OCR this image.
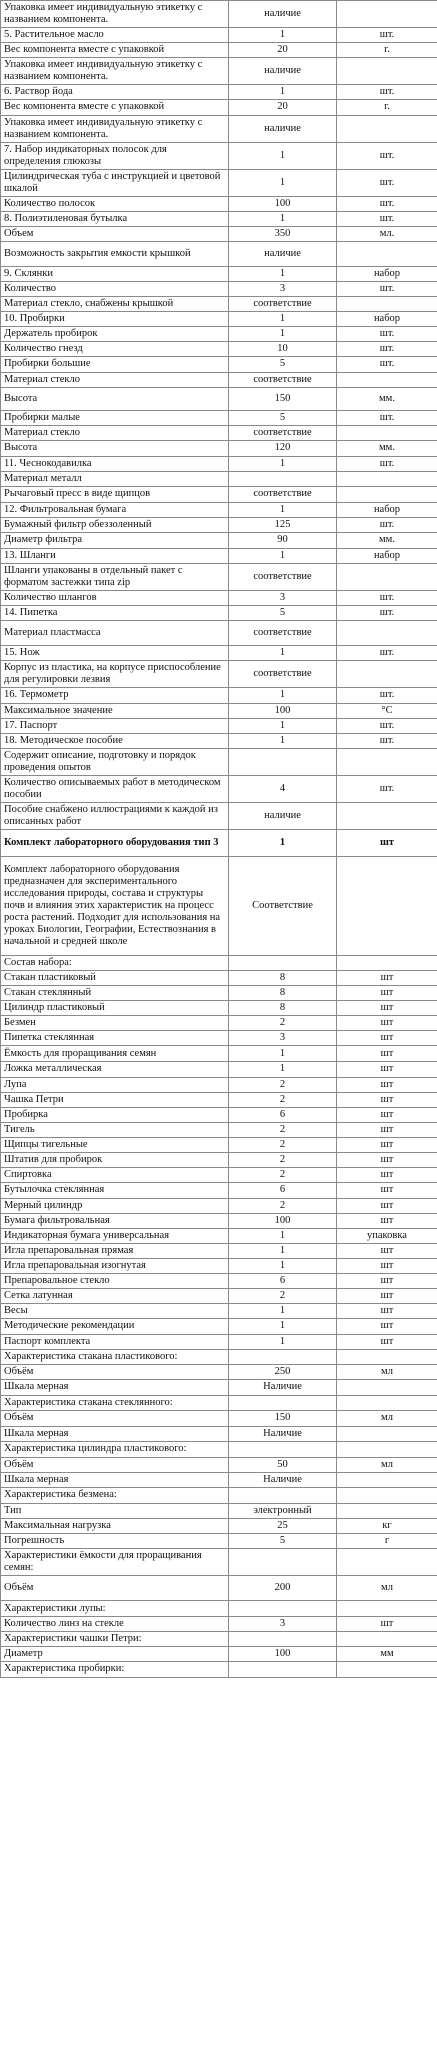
Упаковка имеет индивидуальную этикетку с названием компонента.	наличие	
5. Растительное масло	1	шт.
Вес компонента вместе с упаковкой	20	г.
Упаковка имеет индивидуальную этикетку с названием компонента.	наличие	
6. Раствор йода	1	шт.
Вес компонента вместе с упаковкой	20	г.
Упаковка имеет индивидуальную этикетку с названием компонента.	наличие	
7. Набор индикаторных полосок для определения глюкозы	1	шт.
Цилиндрическая туба с инструкцией и цветовой шкалой	1	шт.
Количество полосок	100	шт.
8. Полиэтиленовая бутылка	1	шт.
Объем	350	мл.
Возможность закрытия емкости крышкой	наличие	
9. Склянки	1	набор
Количество	3	шт.
Материал стекло, снабжены крышкой	соответствие	
10. Пробирки	1	набор
Держатель пробирок	1	шт.
Количество гнезд	10	шт.
Пробирки большие	5	шт.
Материал стекло	соответствие	
Высота	150	мм.
Пробирки малые	5	шт.
Материал стекло	соответствие	
Высота	120	мм.
11. Чеснокодавилка	1	шт.
Материал металл		
Рычаговый пресс в виде щипцов	соответствие	
12. Фильтровальная бумага	1	набор
Бумажный фильтр обеззоленный	125	шт.
Диаметр фильтра	90	мм.
13. Шланги	1	набор
Шланги упакованы в отдельный пакет с форматом застежки типа zip	соответствие	
Количество шлангов	3	шт.
14. Пипетка	5	шт.
Материал пластмасса	соответствие	
15. Нож	1	шт.
Корпус из пластика, на корпусе приспособление для регулировки лезвия	соответствие	
16. Термометр	1	шт.
Максимальное значение	100	°С
17. Паспорт	1	шт.
18. Методическое пособие	1	шт.
Содержит описание, подготовку и порядок проведения опытов		
Количество описываемых работ в методическом пособии	4	шт.
Пособие снабжено иллюстрациями к каждой из описанных работ	наличие	
Комплект лабораторного оборудования тип 3	1	шт
Комплект лабораторного оборудования предназначен для экспериментального исследования природы, состава и структуры почв и влияния этих характеристик на процесс роста растений. Подходит для использования на уроках Биологии, Географии, Естествознания в начальной и средней школе	Соответствие	
Состав набора:		
Стакан пластиковый	8	шт
Стакан стеклянный	8	шт
Цилиндр пластиковый	8	шт
Безмен	2	шт
Пипетка стеклянная	3	шт
Ёмкость для проращивания семян	1	шт
Ложка металлическая	1	шт
Лупа	2	шт
Чашка Петри	2	шт
Пробирка	6	шт
Тигель	2	шт
Щипцы тигельные	2	шт
Штатив для пробирок	2	шт
Спиртовка	2	шт
Бутылочка стеклянная	6	шт
Мерный цилиндр	2	шт
Бумага фильтровальная	100	шт
Индикаторная бумага универсальная	1	упаковка
Игла препаровальная прямая	1	шт
Игла препаровальная изогнутая	1	шт
Препаровальное стекло	6	шт
Сетка латунная	2	шт
Весы	1	шт
Методические рекомендации	1	шт
Паспорт комплекта	1	шт
Характеристика стакана пластикового:		
Объём	250	мл
Шкала мерная	Наличие	
Характеристика стакана стеклянного:		
Объём	150	мл
Шкала мерная	Наличие	
Характеристика цилиндра пластикового:		
Объём	50	мл
Шкала мерная	Наличие	
Характеристика безмена:		
Тип	электронный	
Максимальная нагрузка	25	кг
Погрешность	5	г
Характеристики ёмкости для проращивания семян:		
Объём	200	мл
Характеристики лупы:		
Количество линз на стекле	3	шт
Характеристики чашки Петри:		
Диаметр	100	мм
Характеристика пробирки:		
